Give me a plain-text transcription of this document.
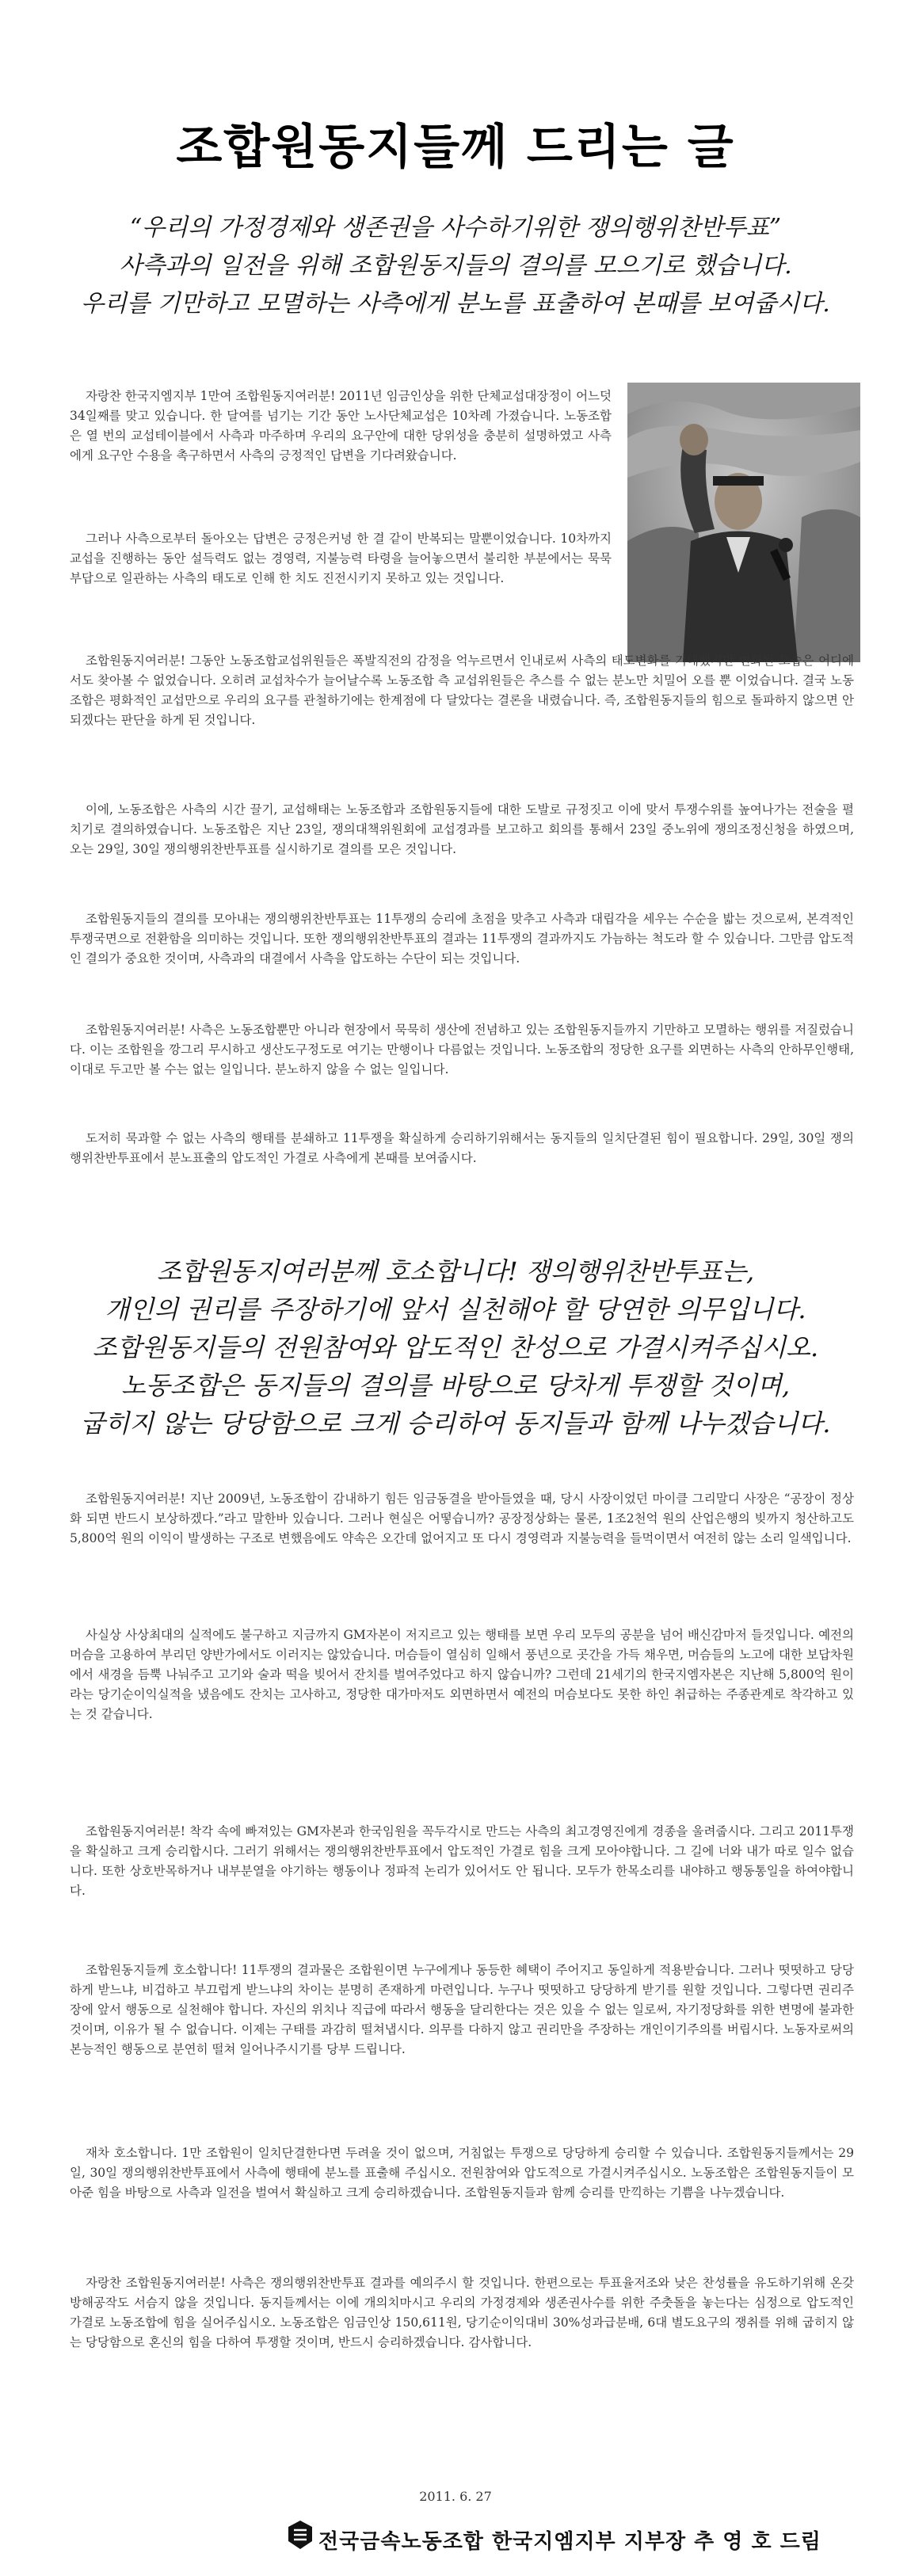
조합원동지들께 드리는 글

“우리의 가정경제와 생존권을 사수하기위한 쟁의행위찬반투표”

사측과의 일전을 위해 조합원동지들의 결의를 모으기로 했습니다.

우리를 기만하고 모멸하는 사측에게 분노를 표출하여 본때를 보여줍시다.

자랑찬 한국지엠지부 1만여 조합원동지여러분! 2011년 임금인상을 위한 단체교섭대장정이 어느덧 34일째를 맞고 있습니다. 한 달여를 넘기는 기간 동안 노사단체교섭은 10차례 가졌습니다. 노동조합은 열 번의 교섭테이블에서 사측과 마주하며 우리의 요구안에 대한 당위성을 충분히 설명하였고 사측에게 요구안 수용을 촉구하면서 사측의 긍정적인 답변을 기다려왔습니다.

그러나 사측으로부터 돌아오는 답변은 긍정은커녕 한 결 같이 반복되는 말뿐이었습니다. 10차까지 교섭을 진행하는 동안 설득력도 없는 경영력, 지불능력 타령을 늘어놓으면서 불리한 부분에서는 묵묵부답으로 일관하는 사측의 태도로 인해 한 치도 진전시키지 못하고 있는 것입니다.

조합원동지여러분! 그동안 노동조합교섭위원들은 폭발직전의 감정을 억누르면서 인내로써 사측의 태도변화를 기대했지만 변화된 모습은 어디에서도 찾아볼 수 없었습니다. 오히려 교섭차수가 늘어날수록 노동조합 측 교섭위원들은 추스를 수 없는 분노만 치밀어 오를 뿐 이었습니다. 결국 노동조합은 평화적인 교섭만으로 우리의 요구를 관철하기에는 한계점에 다 달았다는 결론을 내렸습니다. 즉, 조합원동지들의 힘으로 돌파하지 않으면 안 되겠다는 판단을 하게 된 것입니다.

이에, 노동조합은 사측의 시간 끌기, 교섭해태는 노동조합과 조합원동지들에 대한 도발로 규정짓고 이에 맞서 투쟁수위를 높여나가는 전술을 펼치기로 결의하였습니다. 노동조합은 지난 23일, 쟁의대책위원회에 교섭경과를 보고하고 회의를 통해서 23일 중노위에 쟁의조정신청을 하였으며, 오는 29일, 30일 쟁의행위찬반투표를 실시하기로 결의를 모은 것입니다.

조합원동지들의 결의를 모아내는 쟁의행위찬반투표는 11투쟁의 승리에 초점을 맞추고 사측과 대립각을 세우는 수순을 밟는 것으로써, 본격적인 투쟁국면으로 전환함을 의미하는 것입니다. 또한 쟁의행위찬반투표의 결과는 11투쟁의 결과까지도 가늠하는 척도라 할 수 있습니다. 그만큼 압도적인 결의가 중요한 것이며, 사측과의 대결에서 사측을 압도하는 수단이 되는 것입니다.

조합원동지여러분! 사측은 노동조합뿐만 아니라 현장에서 묵묵히 생산에 전념하고 있는 조합원동지들까지 기만하고 모멸하는 행위를 저질렀습니다. 이는 조합원을 깡그리 무시하고 생산도구정도로 여기는 만행이나 다름없는 것입니다. 노동조합의 정당한 요구를 외면하는 사측의 안하무인행태, 이대로 두고만 볼 수는 없는 일입니다. 분노하지 않을 수 없는 일입니다.

도저히 묵과할 수 없는 사측의 행태를 분쇄하고 11투쟁을 확실하게 승리하기위해서는 동지들의 일치단결된 힘이 필요합니다. 29일, 30일 쟁의행위찬반투표에서 분노표출의 압도적인 가결로 사측에게 본때를 보여줍시다.

조합원동지여러분께 호소합니다! 쟁의행위찬반투표는,

개인의 권리를 주장하기에 앞서 실천해야 할 당연한 의무입니다.

조합원동지들의 전원참여와 압도적인 찬성으로 가결시켜주십시오.

노동조합은 동지들의 결의를 바탕으로 당차게 투쟁할 것이며,

굽히지 않는 당당함으로 크게 승리하여 동지들과 함께 나누겠습니다.

조합원동지여러분! 지난 2009년, 노동조합이 감내하기 힘든 임금동결을 받아들였을 때, 당시 사장이었던 마이클 그리말디 사장은 “공장이 정상화 되면 반드시 보상하겠다.”라고 말한바 있습니다. 그러나 현실은 어떻습니까? 공장정상화는 물론, 1조2천억 원의 산업은행의 빚까지 청산하고도 5,800억 원의 이익이 발생하는 구조로 변했음에도 약속은 오간데 없어지고 또 다시 경영력과 지불능력을 들먹이면서 여전히 않는 소리 일색입니다.

사실상 사상최대의 실적에도 불구하고 지금까지 GM자본이 저지르고 있는 행태를 보면 우리 모두의 공분을 넘어 배신감마저 들것입니다. 예전의 머슴을 고용하여 부리던 양반가에서도 이러지는 않았습니다. 머슴들이 열심히 일해서 풍년으로 곳간을 가득 채우면, 머슴들의 노고에 대한 보답차원에서 새경을 듬뿍 나눠주고 고기와 술과 떡을 빚어서 잔치를 벌여주었다고 하지 않습니까? 그런데 21세기의 한국지엠자본은 지난해 5,800억 원이라는 당기순이익실적을 냈음에도 잔치는 고사하고, 정당한 대가마저도 외면하면서 예전의 머슴보다도 못한 하인 취급하는 주종관계로 착각하고 있는 것 같습니다.

조합원동지여러분! 착각 속에 빠져있는 GM자본과 한국임원을 꼭두각시로 만드는 사측의 최고경영진에게 경종을 울려줍시다. 그리고 2011투쟁을 확실하고 크게 승리합시다. 그러기 위해서는 쟁의행위찬반투표에서 압도적인 가결로 힘을 크게 모아야합니다. 그 길에 너와 내가 따로 일수 없습니다. 또한 상호반목하거나 내부분열을 야기하는 행동이나 정파적 논리가 있어서도 안 됩니다. 모두가 한목소리를 내야하고 행동통일을 하여야합니다.

조합원동지들께 호소합니다! 11투쟁의 결과물은 조합원이면 누구에게나 동등한 혜택이 주어지고 동일하게 적용받습니다. 그러나 떳떳하고 당당하게 받느냐, 비겁하고 부끄럽게 받느냐의 차이는 분명히 존재하게 마련입니다. 누구나 떳떳하고 당당하게 받기를 원할 것입니다. 그렇다면 권리주장에 앞서 행동으로 실천해야 합니다. 자신의 위치나 직급에 따라서 행동을 달리한다는 것은 있을 수 없는 일로써, 자기정당화를 위한 변명에 불과한 것이며, 이유가 될 수 없습니다. 이제는 구태를 과감히 떨쳐냅시다. 의무를 다하지 않고 권리만을 주장하는 개인이기주의를 버립시다. 노동자로써의 본능적인 행동으로 분연히 떨쳐 일어나주시기를 당부 드립니다.

재차 호소합니다. 1만 조합원이 일치단결한다면 두려울 것이 없으며, 거침없는 투쟁으로 당당하게 승리할 수 있습니다. 조합원동지들께서는 29일, 30일 쟁의행위찬반투표에서 사측에 행태에 분노를 표출해 주십시오. 전원참여와 압도적으로 가결시켜주십시오. 노동조합은 조합원동지들이 모아준 힘을 바탕으로 사측과 일전을 벌여서 확실하고 크게 승리하겠습니다. 조합원동지들과 함께 승리를 만끽하는 기쁨을 나누겠습니다.

자랑찬 조합원동지여러분! 사측은 쟁의행위찬반투표 결과를 예의주시 할 것입니다. 한편으로는 투표율저조와 낮은 찬성률을 유도하기위해 온갖 방해공작도 서슴지 않을 것입니다. 동지들께서는 이에 개의치마시고 우리의 가정경제와 생존권사수를 위한 주춧돌을 놓는다는 심정으로 압도적인 가결로 노동조합에 힘을 실어주십시오. 노동조합은 임금인상 150,611원, 당기순이익대비 30%성과급분배, 6대 별도요구의 쟁취를 위해 굽히지 않는 당당함으로 혼신의 힘을 다하여 투쟁할 것이며, 반드시 승리하겠습니다. 감사합니다.

2011. 6. 27

전국금속노동조합 한국지엠지부 지부장 추 영 호 드림
